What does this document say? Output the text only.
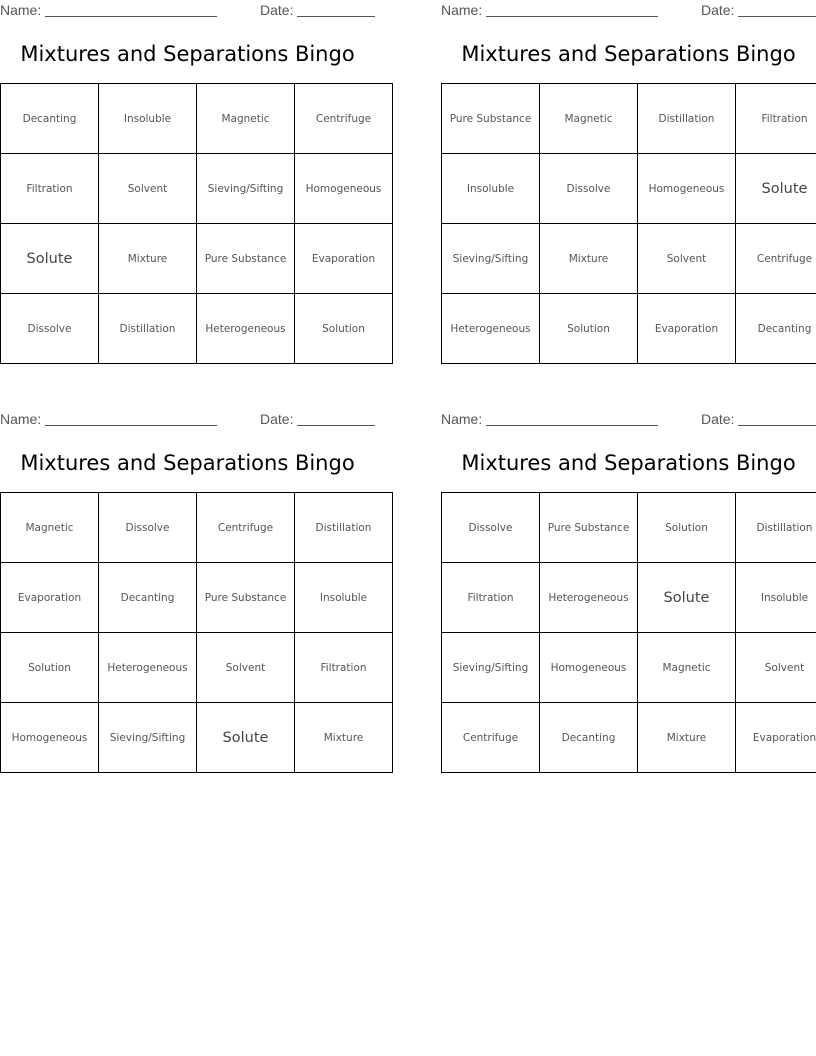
Name:	Date:
Mixtures and Separations Bingo
Decanting	Insoluble	Magnetic	Centrifuge
Filtration	Solvent	Sieving/Sifting	Homogeneous
Solute	Mixture	Pure Substance	Evaporation
Dissolve	Distillation	Heterogeneous	Solution
Name:	Date:
Mixtures and Separations Bingo
Pure Substance	Magnetic	Distillation	Filtration
Insoluble	Dissolve	Homogeneous	Solute
Sieving/Sifting	Mixture	Solvent	Centrifuge
Heterogeneous	Solution	Evaporation	Decanting
Name:	Date:
Mixtures and Separations Bingo
Magnetic	Dissolve	Centrifuge	Distillation
Evaporation	Decanting	Pure Substance	Insoluble
Solution	Heterogeneous	Solvent	Filtration
Homogeneous	Sieving/Sifting	Solute	Mixture
Name:	Date:
Mixtures and Separations Bingo
Dissolve	Pure Substance	Solution	Distillation
Filtration	Heterogeneous	Solute	Insoluble
Sieving/Sifting	Homogeneous	Magnetic	Solvent
Centrifuge	Decanting	Mixture	Evaporation
